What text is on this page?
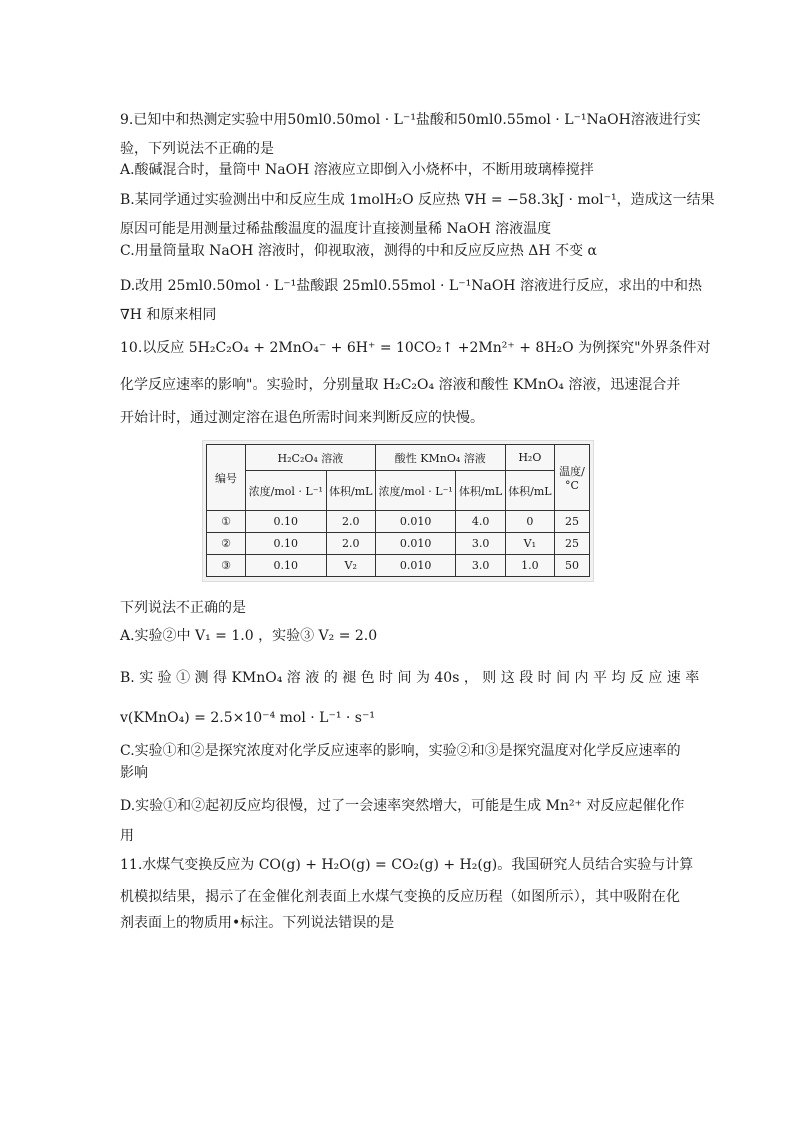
9.已知中和热测定实验中用50ml0.50mol · L⁻¹盐酸和50ml0.55mol · L⁻¹NaOH溶液进行实
验，下列说法不正确的是
A.酸碱混合时，量筒中 NaOH 溶液应立即倒入小烧杯中，不断用玻璃棒搅拌
B.某同学通过实验测出中和反应生成 1molH₂O 反应热 ∇H = −58.3kJ · mol⁻¹，造成这一结果
原因可能是用测量过稀盐酸温度的温度计直接测量稀 NaOH 溶液温度
C.用量筒量取 NaOH 溶液时，仰视取液，测得的中和反应反应热 ΔH 不变 α
D.改用 25ml0.50mol · L⁻¹盐酸跟 25ml0.55mol · L⁻¹NaOH 溶液进行反应，求出的中和热
∇H 和原来相同
10.以反应 5H₂C₂O₄ + 2MnO₄⁻ + 6H⁺ = 10CO₂↑ +2Mn²⁺ + 8H₂O 为例探究"外界条件对
化学反应速率的影响"。实验时，分别量取 H₂C₂O₄ 溶液和酸性 KMnO₄ 溶液，迅速混合并
开始计时，通过测定溶在退色所需时间来判断反应的快慢。
编号	H₂C₂O₄ 溶液		酸性 KMnO₄ 溶液		H₂O	温度/°C
	浓度/mol · L⁻¹	体积/mL	浓度/mol · L⁻¹	体积/mL	体积/mL	
①	0.10	2.0	0.010	4.0	0	25
②	0.10	2.0	0.010	3.0	V₁	25
③	0.10	V₂	0.010	3.0	1.0	50
下列说法不正确的是
A.实验②中 V₁ = 1.0 ，实验③ V₂ = 2.0
B. 实 验 ① 测 得 KMnO₄ 溶 液 的 褪 色 时 间 为 40s ， 则 这 段 时 间 内 平 均 反 应 速 率
v(KMnO₄) = 2.5×10⁻⁴ mol · L⁻¹ · s⁻¹
C.实验①和②是探究浓度对化学反应速率的影响，实验②和③是探究温度对化学反应速率的
影响
D.实验①和②起初反应均很慢，过了一会速率突然增大，可能是生成 Mn²⁺ 对反应起催化作
用
11.水煤气变换反应为 CO(g) + H₂O(g) = CO₂(g) + H₂(g)。我国研究人员结合实验与计算
机模拟结果，揭示了在金催化剂表面上水煤气变换的反应历程（如图所示），其中吸附在化
剂表面上的物质用•标注。下列说法错误的是
